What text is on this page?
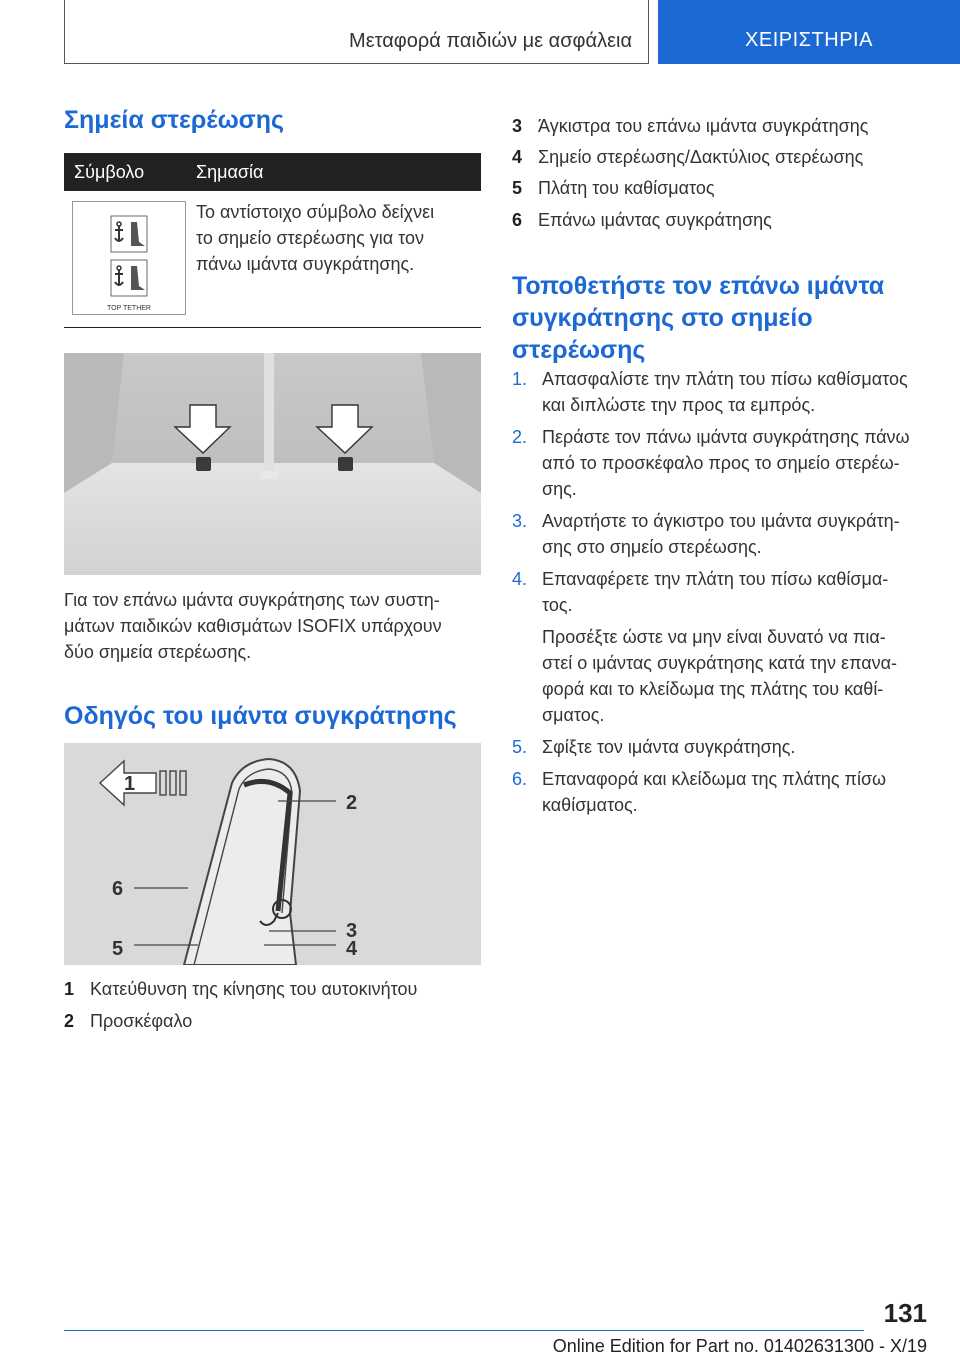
Μεταφορά παιδιών με ασφάλεια	ΧΕΙΡΙΣΤΗΡΙΑ
Σημεία στερέωσης
Σύμβολο	Σημασία
TOP TETHER
Το αντίστοιχο σύμβολο δείχνει
το σημείο στερέωσης για τον
πάνω ιμάντα συγκράτησης.
Για τον επάνω ιμάντα συγκράτησης των συστη-
μάτων παιδικών καθισμάτων ISOFIX υπάρχουν
δύο σημεία στερέωσης.
Οδηγός του ιμάντα συγκράτησης
1
2
6
3
4
5
1 Κατεύθυνση της κίνησης του αυτοκινήτου
2 Προσκέφαλο
3 Άγκιστρα του επάνω ιμάντα συγκράτησης
4 Σημείο στερέωσης/Δακτύλιος στερέωσης
5 Πλάτη του καθίσματος
6 Επάνω ιμάντας συγκράτησης
Τοποθετήστε τον επάνω ιμάντα
συγκράτησης στο σημείο
στερέωσης
1. Απασφαλίστε την πλάτη του πίσω καθίσματος
και διπλώστε την προς τα εμπρός.
2. Περάστε τον πάνω ιμάντα συγκράτησης πάνω
από το προσκέφαλο προς το σημείο στερέω-
σης.
3. Αναρτήστε το άγκιστρο του ιμάντα συγκράτη-
σης στο σημείο στερέωσης.
4. Επαναφέρετε την πλάτη του πίσω καθίσμα-
τος.
Προσέξτε ώστε να μην είναι δυνατό να πια-
στεί ο ιμάντας συγκράτησης κατά την επανα-
φορά και το κλείδωμα της πλάτης του καθί-
σματος.
5. Σφίξτε τον ιμάντα συγκράτησης.
6. Επαναφορά και κλείδωμα της πλάτης πίσω
καθίσματος.
131
Online Edition for Part no. 01402631300 - X/19
